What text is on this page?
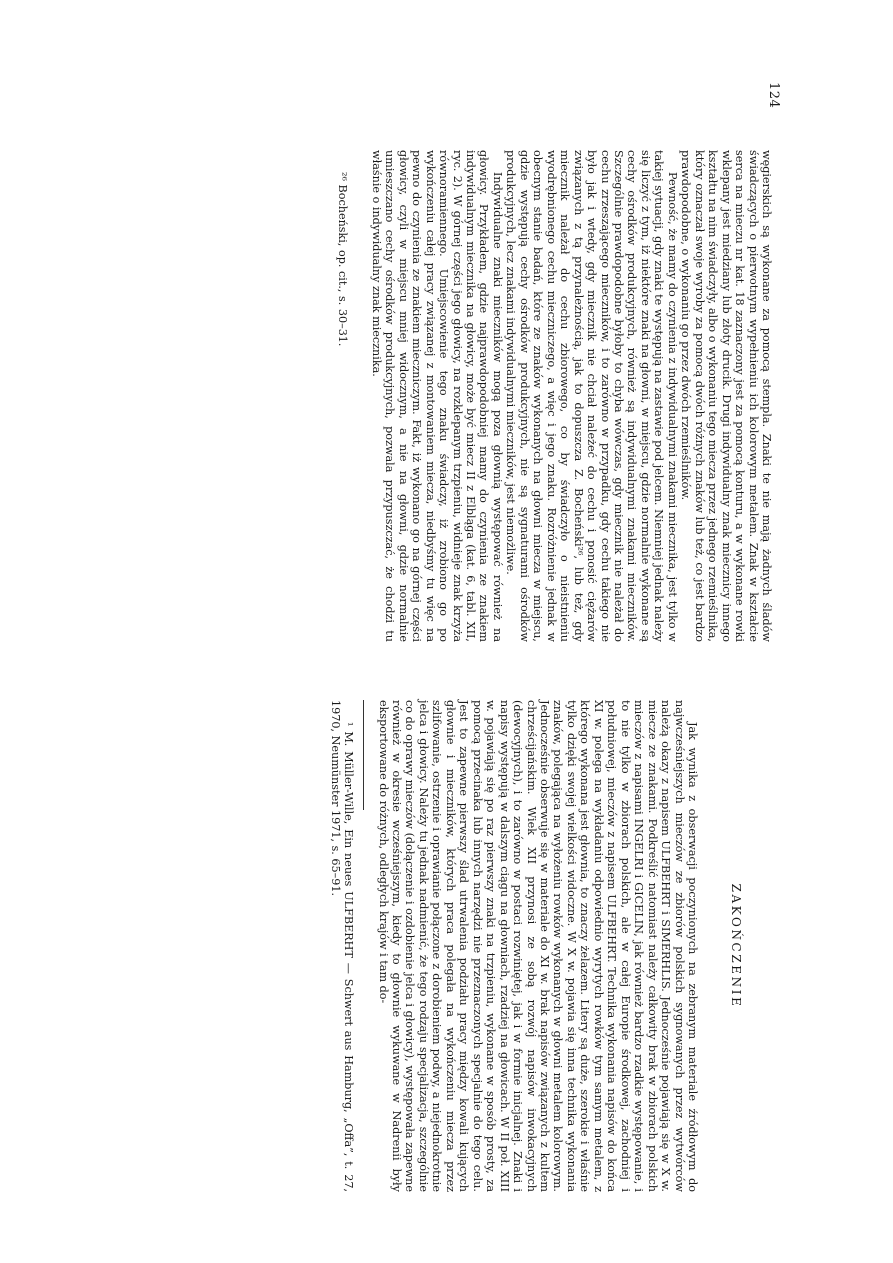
124

węgierskich są wykonane za pomocą stempla. Znaki te nie mają żadnych śladów świadczących o pierwotnym wypełnieniu ich kolorowym metalem. Znak w kształcie serca na mieczu nr kat. 18 zaznaczony jest za pomocą konturu, a w wykonane rowki wklepany jest miedziany lub złoty drucik. Drugi indywidualny znak miecznicy innego kształtu na nim świadczyły, albo o wykonaniu tego miecza przez jednego rzemieślnika, który oznaczał swoje wyroby za pomocą dwóch różnych znaków lub też, co jest bardzo prawdopodobne, o wykonaniu go przez dwóch rzemieślników.

Pewność, że mamy do czynienia z indywidualnymi znakami miecznika, jest tylko w takiej sytuacji, gdy znaki te występują na zastawie pod jelcem. Niemniej jednak należy się liczyć z tym, iż niektóre znaki na głowni, w miejscu, gdzie normalnie wykonane są cechy ośrodków produkcyjnych, również są indywidualnymi znakami mieczników. Szczególnie prawdopodobne byłoby to chyba wówczas, gdy miecznik nie należał do cechu zrzeszającego mieczników, i to zarówno w przypadku, gdy cechu takiego nie było jak i wtedy, gdy miecznik nie chciał należeć do cechu i ponosić ciężarów związanych z tą przynależnością, jak to dopuszcza Z. Bocheński²⁶, lub też, gdy miecznik należał do cechu zbiorowego, co by świadczyło o nieistnieniu wyodrębnionego cechu mieczniczego, a więc i jego znaku. Rozróżnienie jednak w obecnym stanie badań, które ze znaków wykonanych na głowni miecza w miejscu, gdzie występują cechy ośrodków produkcyjnych, nie są sygnaturami ośrodków produkcyjnych, lecz znakami indywidualnymi mieczników, jest niemożliwe.

Indywidualne znaki mieczników mogą poza głownią występować również na głowicy. Przykładem, gdzie najprawdopodobniej mamy do czynienia ze znakiem indywidualnym miecznika na głowicy, może być miecz II z Elbląga (kat. 6, tabl. XII, ryc. 2). W górnej części jego głowicy, na rozklepanym trzpieniu, widnieje znak krzyża równoramiennego. Umiejscowienie tego znaku świadczy, iż zrobiono go po wykończeniu całej pracy związanej z montowaniem miecza, niedbyśmy tu więc na pewno do czynienia ze znakiem mieczniczym. Fakt, iż wykonano go na górnej części głowicy, czyli w miejscu mniej widocznym, a nie na głowni, gdzie normalnie umieszczano cechy ośrodków produkcyjnych, pozwala przypuszczać, że chodzi tu właśnie o indywidualny znak miecznika.

²⁶ Bocheński, op. cit., s. 30–31.

ZAKOŃCZENIE

Jak wynika z obserwacji poczynionych na zebranym materiale źródłowym do najwcześniejszych mieczów ze zbiorów polskich sygnowanych przez wytwórców należą okazy z napisem ULFBEHRT i SIMERHLIS. Jednocześnie pojawiają się w X w. miecze ze znakami. Podkreślić natomiast należy całkowity brak w zbiorach polskich mieczów z napisami INGELRI i GICELIN, jak również bardzo rzadkie występowanie, i to nie tylko w zbiorach polskich, ale w całej Europie środkowej, zachodniej i południowej, mieczów z napisem ULFBEHRT. Technika wykonania napisów do końca XI w. polega na wykładaniu odpowiednio wyrytych rowków tym samym metalem, z którego wykonana jest głownia, to znaczy żelazem. Litery są duże, szerokie i właśnie tylko dzięki swojej wielkości widoczne. W X w. pojawia się inna technika wykonania znaków, polegająca na wyłożeniu rowków wykonanych w głowni metalem kolorowym. Jednocześnie obserwuje się w materiale do XI w. brak napisów związanych z kultem chrześcijańskim. Wiek XII przynosi ze sobą rozwój napisów inwokacyjnych (dewocyjnych), i to zarówno w postaci rozwiniętej, jak i w formie inicjalnej. Znaki i napisy występują w dalszym ciągu na głowniach, rzadziej na głowicach. W II poł. XIII w. pojawiają się po raz pierwszy znaki na trzpieniu, wykonane w sposób prosty, za pomocą przecinaka lub innych narzędzi nie przeznaczonych specjalnie do tego celu. Jest to zapewne pierwszy ślad utrwalenia podziału pracy między kowali kujących głownie i mieczników, których praca polegała na wykończeniu miecza przez szlifowanie, ostrzenie i oprawianie połączone z dorobieniem podwy, a niejednokrotnie jelca i głowicy. Należy tu jednak nadmienić, że tego rodzaju specjalizacja, szczególnie co do oprawy mieczów (dołączenie i ozdobienie jelca i głowicy), występowała zapewne również w okresie wcześniejszym, kiedy to głownie wykuwane w Nadrenii były eksportowane do różnych, odległych krajów i tam do-

¹ M. Müller-Wille, Ein neues ULFBERHT — Schwert aus Hamburg, „Offa”, t. 27, 1970, Neumünster 1971, s. 65–91.
